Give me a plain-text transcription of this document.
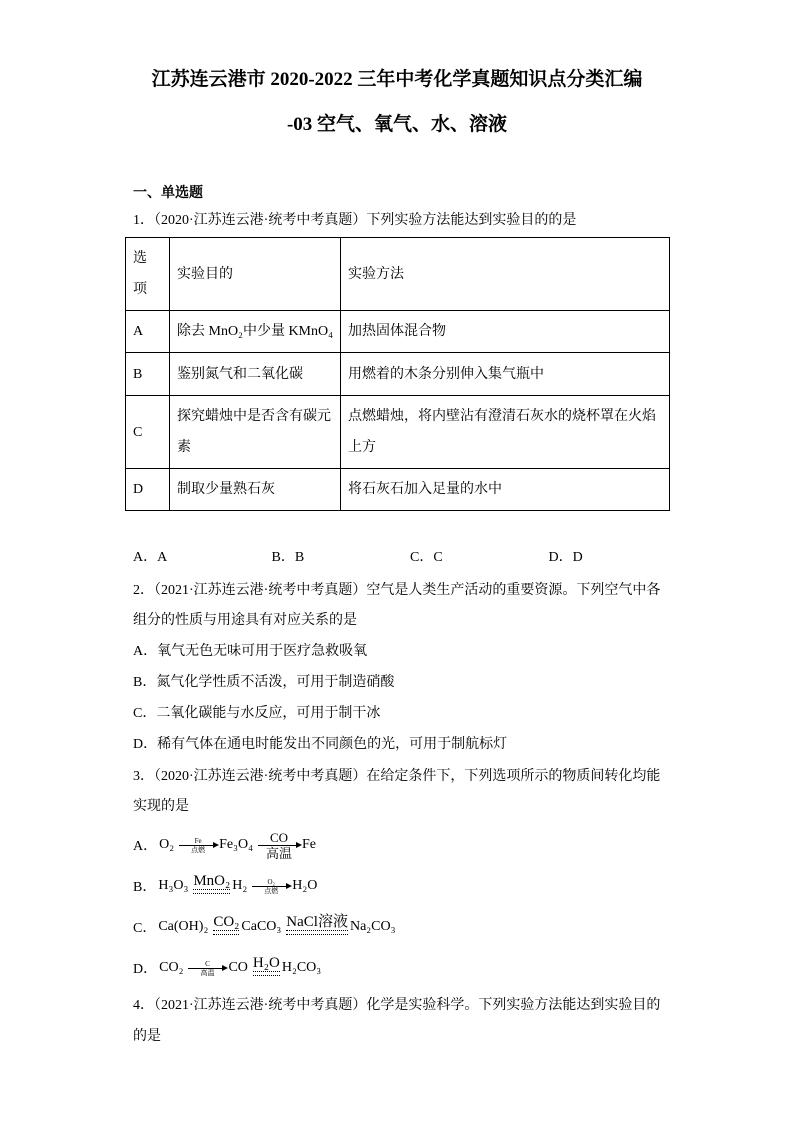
江苏连云港市 2020-2022 三年中考化学真题知识点分类汇编
-03 空气、氧气、水、溶液
一、单选题
1．（2020·江苏连云港·统考中考真题）下列实验方法能达到实验目的的是
选项	实验目的	实验方法
A	除去 MnO₂中少量 KMnO₄	加热固体混合物
B	鉴别氮气和二氧化碳	用燃着的木条分别伸入集气瓶中
C	探究蜡烛中是否含有碳元素	点燃蜡烛，将内壁沾有澄清石灰水的烧杯罩在火焰上方
D	制取少量熟石灰	将石灰石加入足量的水中
A．A	B．B	C．C	D．D
2．（2021·江苏连云港·统考中考真题）空气是人类生产活动的重要资源。下列空气中各
组分的性质与用途具有对应关系的是
A．氧气无色无味可用于医疗急救吸氧
B．氮气化学性质不活泼，可用于制造硝酸
C．二氧化碳能与水反应，可用于制干冰
D．稀有气体在通电时能发出不同颜色的光，可用于制航标灯
3．（2020·江苏连云港·统考中考真题）在给定条件下，下列选项所示的物质间转化均能
实现的是
A． O₂	Fe
点燃 Fe₃O₄ CO
高温
Fe
B． H₃O₃ MnO₂ H₂	O₂
点燃 H₂O
C． Ca(OH)₂ CO₂ CaCO₃ NaCl溶液 Na₂CO₃
D． CO₂	C
高温 CO H₂O H₂CO₃
4．（2021·江苏连云港·统考中考真题）化学是实验科学。下列实验方法能达到实验目的
的是
